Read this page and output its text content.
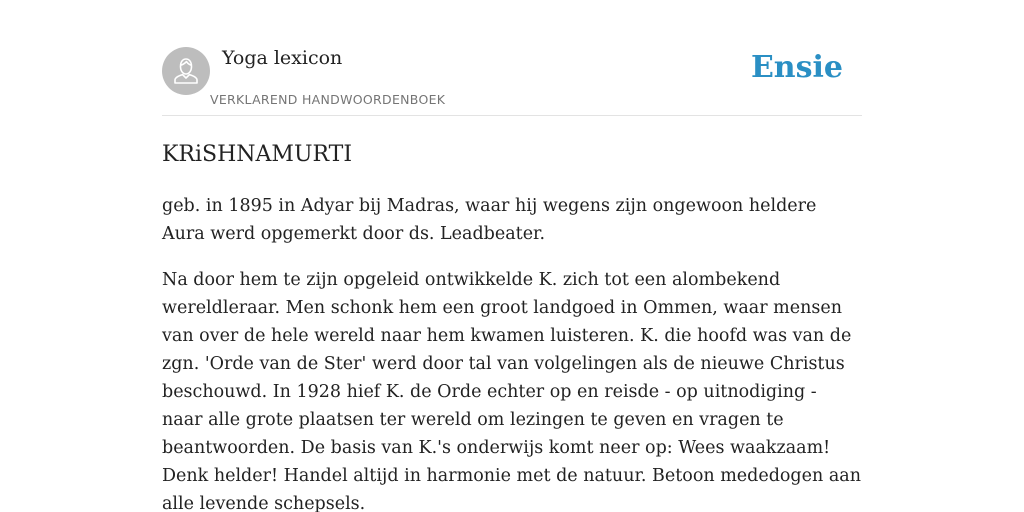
Yoga lexicon
VERKLAREND HANDWOORDENBOEK
Ensie
KRiSHNAMURTI

geb. in 1895 in Adyar bij Madras, waar hij wegens zijn ongewoon heldere Aura werd opgemerkt door ds. Leadbeater.

Na door hem te zijn opgeleid ontwikkelde K. zich tot een alombekend wereldleraar. Men schonk hem een groot landgoed in Ommen, waar mensen van over de hele wereld naar hem kwamen luisteren. K. die hoofd was van de zgn. 'Orde van de Ster' werd door tal van volgelingen als de nieuwe Christus beschouwd. In 1928 hief K. de Orde echter op en reisde - op uitnodiging - naar alle grote plaatsen ter wereld om lezingen te geven en vragen te beantwoorden. De basis van K.'s onderwijs komt neer op: Wees waakzaam! Denk helder! Handel altijd in harmonie met de natuur. Betoon mededogen aan alle levende schepsels.
